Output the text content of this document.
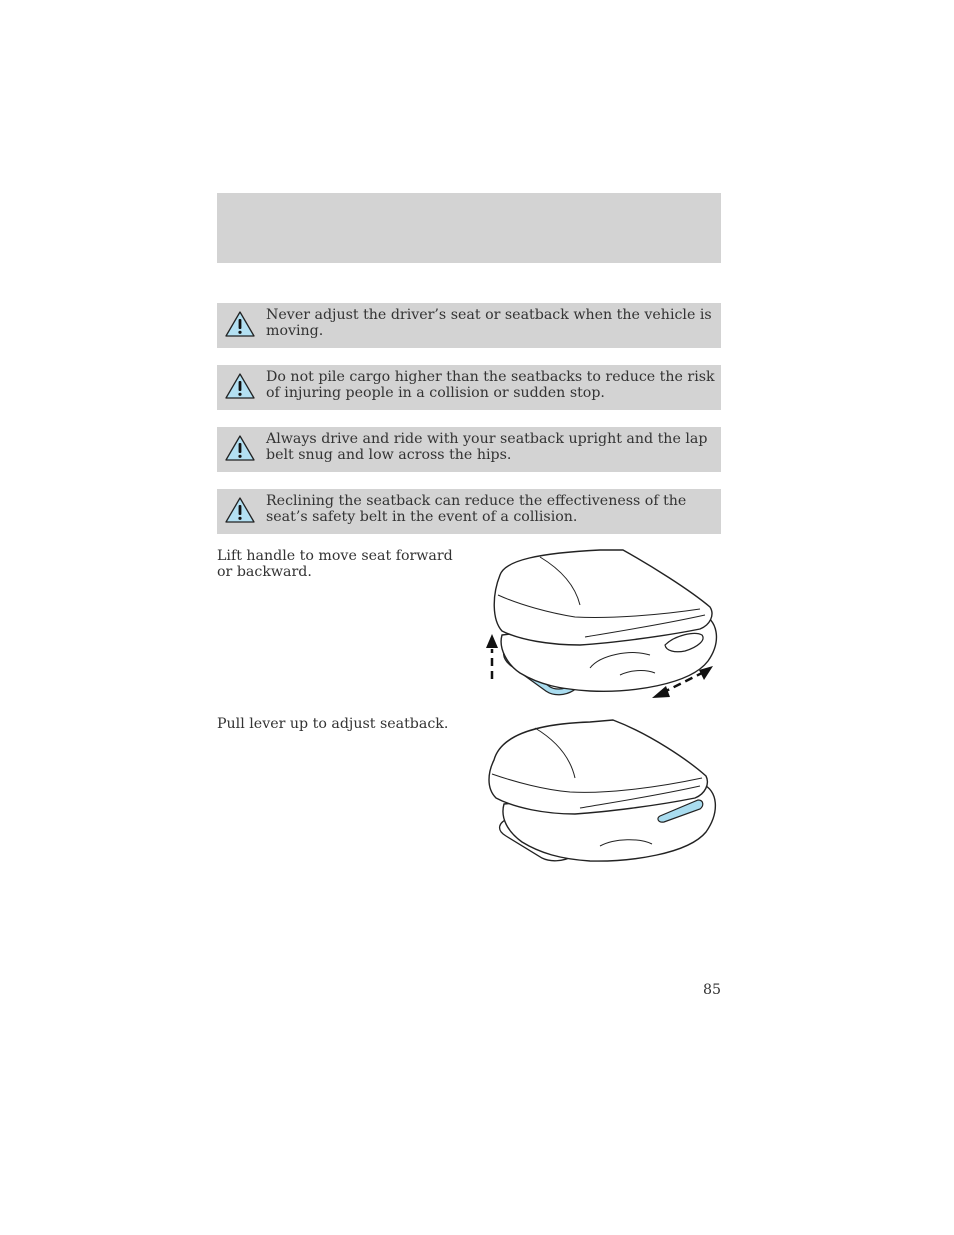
Never adjust the driver’s seat or seatback when the vehicle is moving.
Do not pile cargo higher than the seatbacks to reduce the risk of injuring people in a collision or sudden stop.
Always drive and ride with your seatback upright and the lap belt snug and low across the hips.
Reclining the seatback can reduce the effectiveness of the seat’s safety belt in the event of a collision.
Lift handle to move seat forward or backward.
Pull lever up to adjust seatback.
85
